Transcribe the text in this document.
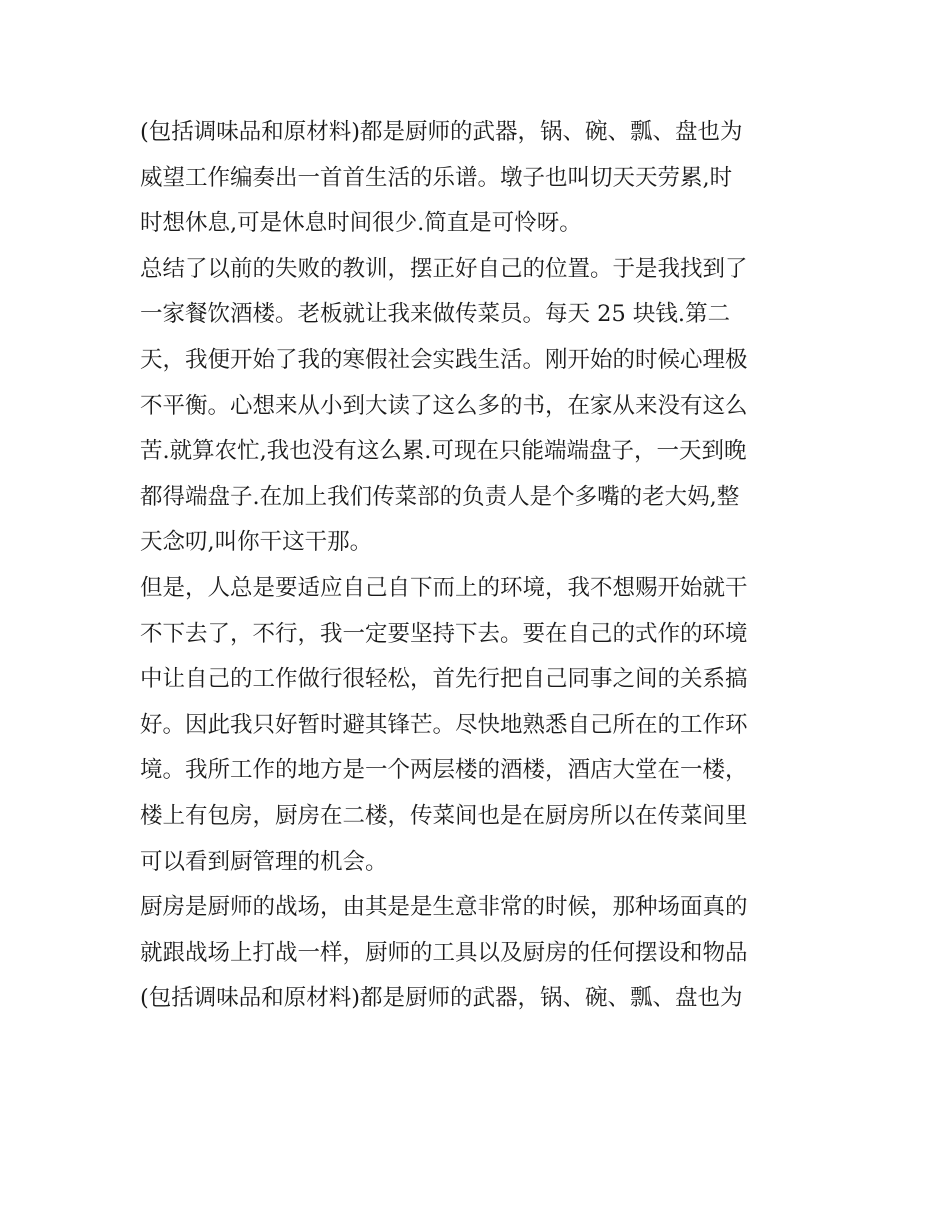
(包括调味品和原材料)都是厨师的武器，锅、碗、瓢、盘也为
威望工作编奏出一首首生活的乐谱。墩子也叫切天天劳累,时
时想休息,可是休息时间很少.简直是可怜呀。
总结了以前的失败的教训，摆正好自己的位置。于是我找到了
一家餐饮酒楼。老板就让我来做传菜员。每天 25 块钱.第二
天，我便开始了我的寒假社会实践生活。刚开始的时候心理极
不平衡。心想来从小到大读了这么多的书，在家从来没有这么
苦.就算农忙,我也没有这么累.可现在只能端端盘子，一天到晚
都得端盘子.在加上我们传菜部的负责人是个多嘴的老大妈,整
天念叨,叫你干这干那。
但是，人总是要适应自己自下而上的环境，我不想赐开始就干
不下去了，不行，我一定要坚持下去。要在自己的式作的环境
中让自己的工作做行很轻松，首先行把自己同事之间的关系搞
好。因此我只好暂时避其锋芒。尽快地熟悉自己所在的工作环
境。我所工作的地方是一个两层楼的酒楼，酒店大堂在一楼，
楼上有包房，厨房在二楼，传菜间也是在厨房所以在传菜间里
可以看到厨管理的机会。
厨房是厨师的战场，由其是是生意非常的时候，那种场面真的
就跟战场上打战一样，厨师的工具以及厨房的任何摆设和物品
(包括调味品和原材料)都是厨师的武器，锅、碗、瓢、盘也为
